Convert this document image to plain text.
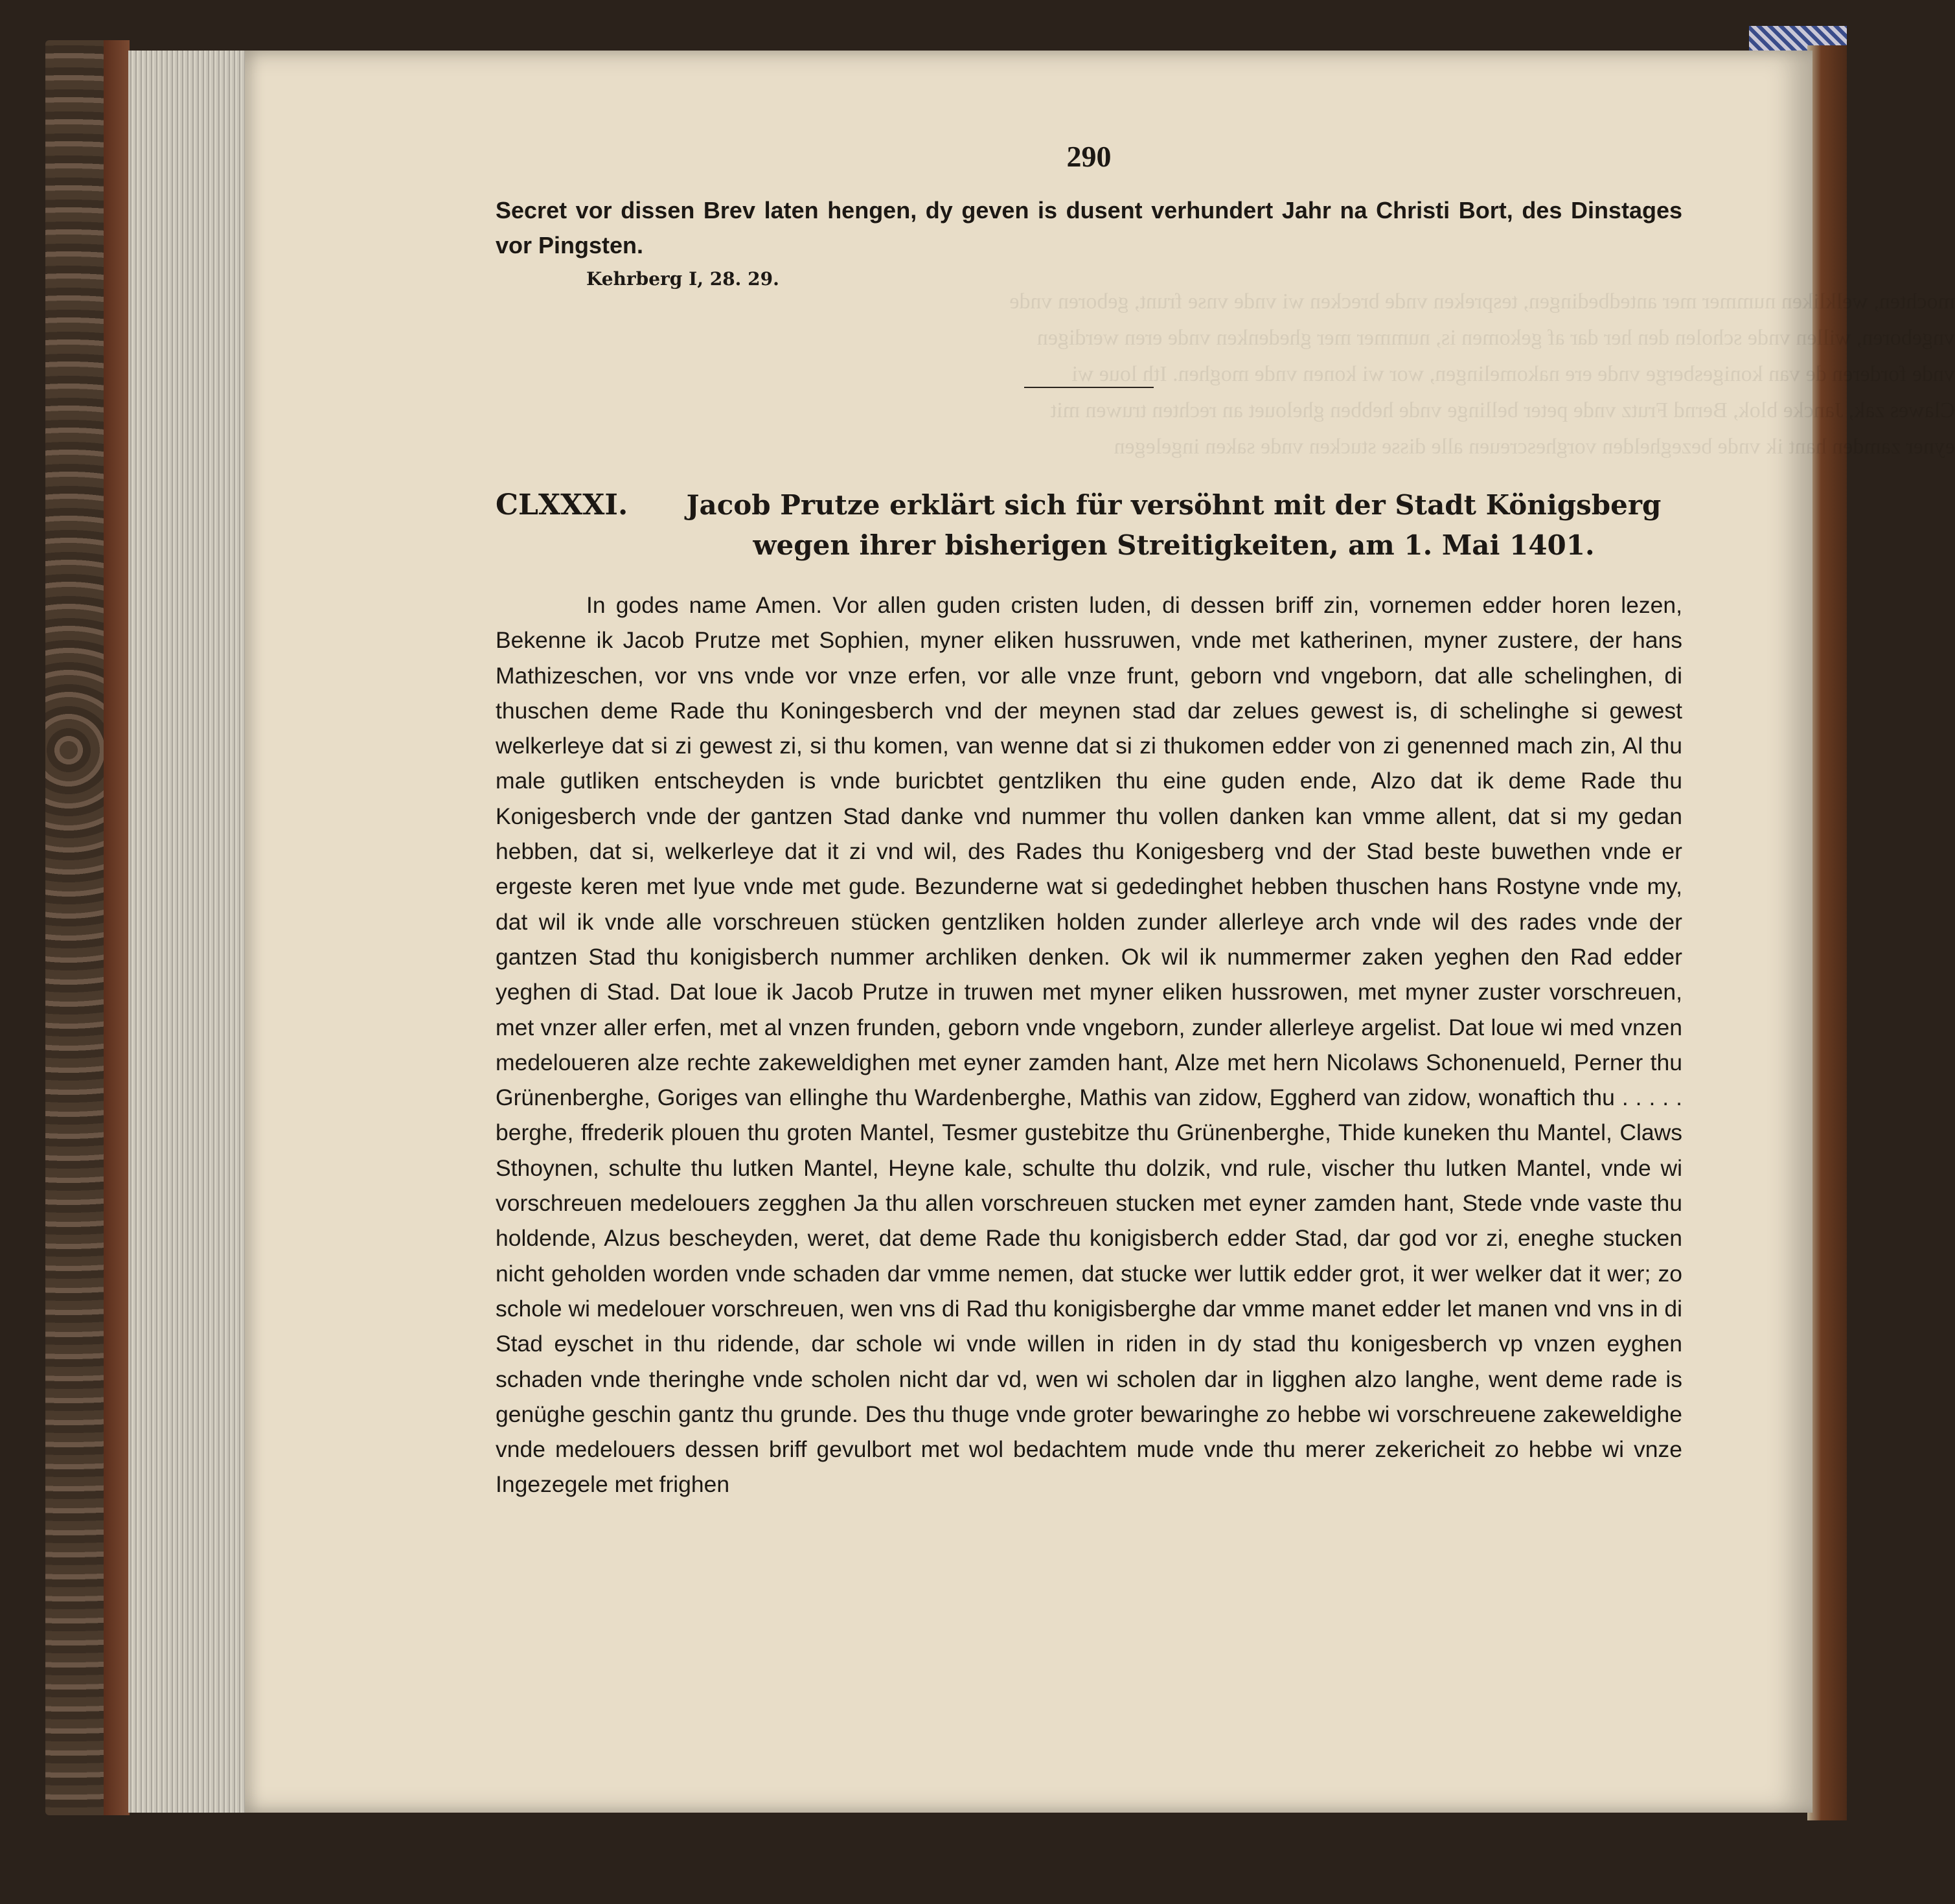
mochten, welkliken nummer mer antedbedingen, tespreken vnde brecken wi vnde vnse frunt, geboren vnde vngeboren, willen vnde scholen den her dar af gekomen is, nummer mer ghedenken vnde eren werdigen vnde forderen de van konigesberge vnde ere nakomelingen, wor wi konen vnde moghen. Ith loue wi Clawes zak, Jancke blok, Bernd Frutz vnde peter bellinge vnde hebben ghelouet an rechten truwen mit eyner zamden hant ik vnde bezeghelden vorghescreuen alle disse stucken vnde saken ingelegen
290

Secret vor dissen Brev laten hengen, dy geven is dusent verhundert Jahr na Christi Bort, des Dinstages vor Pingsten.

Kehrberg I, 28. 29.
CLXXXI.	Jacob Prutze erklärt sich für versöhnt mit der Stadt Königsberg wegen ihrer bisherigen Streitigkeiten, am 1. Mai 1401.
In godes name Amen. Vor allen guden cristen luden, di dessen briff zin, vornemen edder horen lezen, Bekenne ik Jacob Prutze met Sophien, myner eliken hussruwen, vnde met katherinen, myner zustere, der hans Mathizeschen, vor vns vnde vor vnze erfen, vor alle vnze frunt, geborn vnd vngeborn, dat alle schelinghen, di thuschen deme Rade thu Koningesberch vnd der meynen stad dar zelues gewest is, di schelinghe si gewest welkerleye dat si zi gewest zi, si thu komen, van wenne dat si zi thukomen edder von zi genenned mach zin, Al thu male gutliken entscheyden is vnde buricbtet gentzliken thu eine guden ende, Alzo dat ik deme Rade thu Konigesberch vnde der gantzen Stad danke vnd nummer thu vollen danken kan vmme allent, dat si my gedan hebben, dat si, welkerleye dat it zi vnd wil, des Rades thu Konigesberg vnd der Stad beste buwethen vnde er ergeste keren met lyue vnde met gude. Bezunderne wat si gededinghet hebben thuschen hans Rostyne vnde my, dat wil ik vnde alle vorschreuen stücken gentzliken holden zunder allerleye arch vnde wil des rades vnde der gantzen Stad thu konigisberch nummer archliken denken. Ok wil ik nummermer zaken yeghen den Rad edder yeghen di Stad. Dat loue ik Jacob Prutze in truwen met myner eliken hussrowen, met myner zuster vorschreuen, met vnzer aller erfen, met al vnzen frunden, geborn vnde vngeborn, zunder allerleye argelist. Dat loue wi med vnzen medeloueren alze rechte zakeweldighen met eyner zamden hant, Alze met hern Nicolaws Schonenueld, Perner thu Grünenberghe, Goriges van ellinghe thu Wardenberghe, Mathis van zidow, Eggherd van zidow, wonaftich thu . . . . . berghe, ffrederik plouen thu groten Mantel, Tesmer gustebitze thu Grünenberghe, Thide kuneken thu Mantel, Claws Sthoynen, schulte thu lutken Mantel, Heyne kale, schulte thu dolzik, vnd rule, vischer thu lutken Mantel, vnde wi vorschreuen medelouers zegghen Ja thu allen vorschreuen stucken met eyner zamden hant, Stede vnde vaste thu holdende, Alzus bescheyden, weret, dat deme Rade thu konigisberch edder Stad, dar god vor zi, eneghe stucken nicht geholden worden vnde schaden dar vmme nemen, dat stucke wer luttik edder grot, it wer welker dat it wer; zo schole wi medelouer vorschreuen, wen vns di Rad thu konigisberghe dar vmme manet edder let manen vnd vns in di Stad eyschet in thu ridende, dar schole wi vnde willen in riden in dy stad thu konigesberch vp vnzen eyghen schaden vnde theringhe vnde scholen nicht dar vd, wen wi scholen dar in ligghen alzo langhe, went deme rade is genüghe geschin gantz thu grunde. Des thu thuge vnde groter bewaringhe zo hebbe wi vorschreuene zakeweldighe vnde medelouers dessen briff gevulbort met wol bedachtem mude vnde thu merer zekericheit zo hebbe wi vnze Ingezegele met frighen
